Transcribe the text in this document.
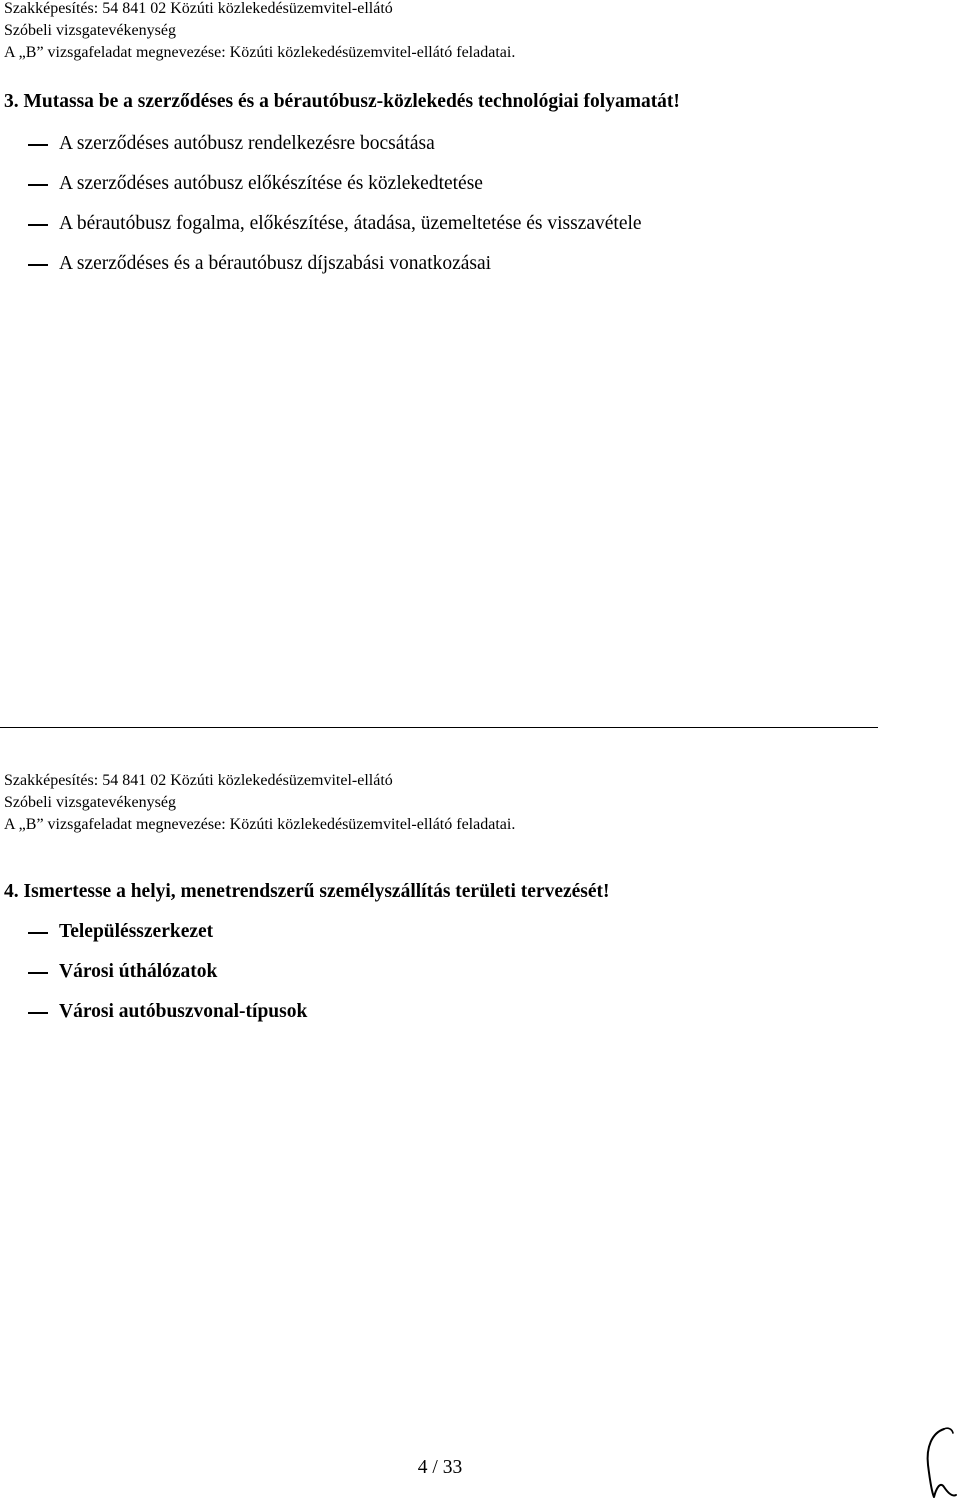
Szakképesítés: 54 841 02 Közúti közlekedésüzemvitel-ellátó
Szóbeli vizsgatevékenység
A „B” vizsgafeladat megnevezése: Közúti közlekedésüzemvitel-ellátó feladatai.
3. Mutassa be a szerződéses és a bérautóbusz-közlekedés technológiai folyamatát!
A szerződéses autóbusz rendelkezésre bocsátása
A szerződéses autóbusz előkészítése és közlekedtetése
A bérautóbusz fogalma, előkészítése, átadása, üzemeltetése és visszavétele
A szerződéses és a bérautóbusz díjszabási vonatkozásai
Szakképesítés: 54 841 02 Közúti közlekedésüzemvitel-ellátó
Szóbeli vizsgatevékenység
A „B” vizsgafeladat megnevezése: Közúti közlekedésüzemvitel-ellátó feladatai.
4. Ismertesse a helyi, menetrendszerű személyszállítás területi tervezését!
Településszerkezet
Városi úthálózatok
Városi autóbuszvonal-típusok
4 / 33
